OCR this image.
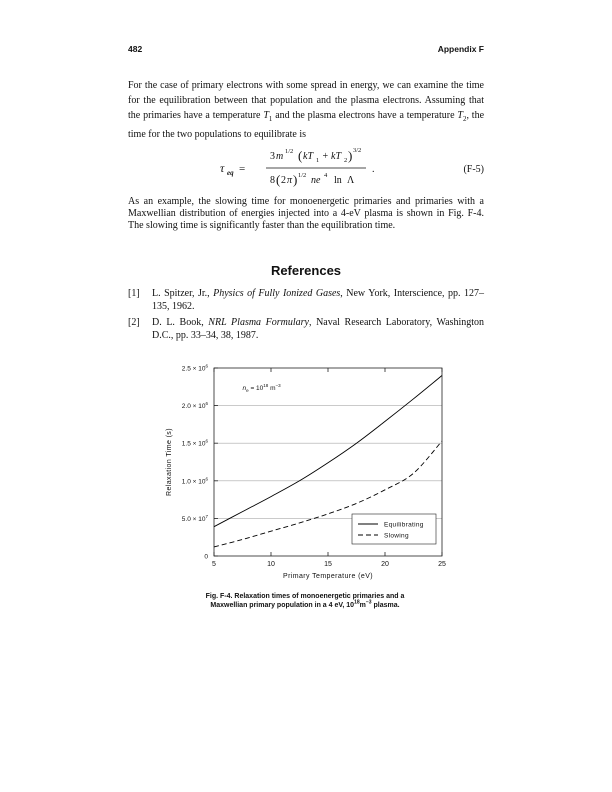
482	Appendix F

For the case of primary electrons with some spread in energy, we can examine the time for the equilibration between that population and the plasma electrons. Assuming that the primaries have a temperature $T_1$ and the plasma electrons have a temperature $T_2$, the time for the two populations to equilibrate is

τ eq =
3 m 1/2 ( kT 1 + kT 2 ) 3/2
8 ( 2 π ) 1/2 ne 4 ln Λ
.	(F-5)

As an example, the slowing time for monoenergetic primaries and primaries with a Maxwellian distribution of energies injected into a 4-eV plasma is shown in Fig. F-4. The slowing time is significantly faster than the equilibration time.

References
[1] L. Spitzer, Jr., Physics of Fully Ionized Gases, New York, Interscience, pp. 127–135, 1962.
[2] D. L. Book, NRL Plasma Formulary, Naval Research Laboratory, Washington D.C., pp. 33–34, 38, 1987.
5	10	15	20	25
0
$5.0 \times 10^7$
$1.0 \times 10^6$
$1.5 \times 10^6$
$2.0 \times 10^6$
$2.5 \times 10^6$
Primary Temperature (eV)
Relaxation Time (s)
$n_e = 10^{18}$ $m^{-3}$
Equilibrating
Slowing
Fig. F-4. Relaxation times of monoenergetic primaries and a
Maxwellian primary population in a 4 eV, $10^{18}m^{-3}$ plasma.
